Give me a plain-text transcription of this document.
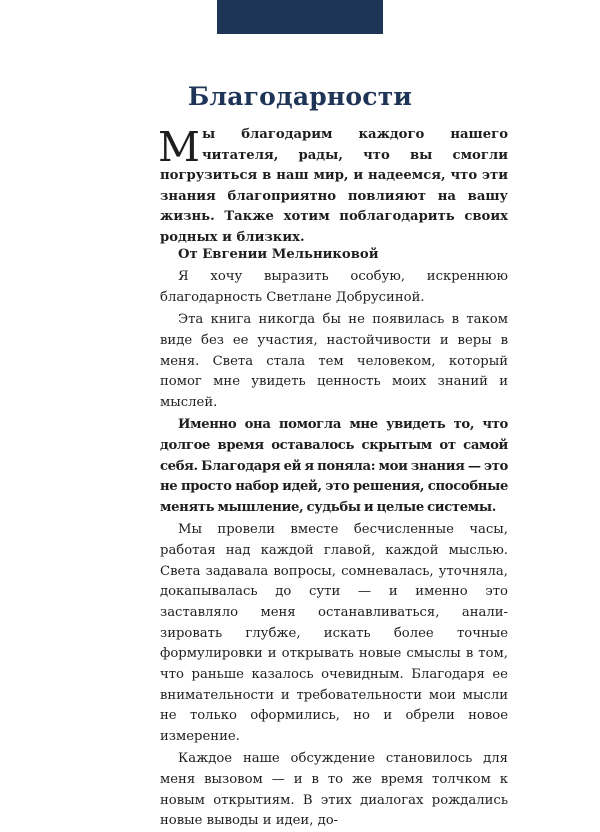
Благодарности
Мы благодарим каждого нашего читателя, рады, что вы смогли погрузиться в наш мир, и надеемся, что эти знания благоприятно повлияют на вашу жизнь. Также хотим поблагодарить своих родных и близких.

От Евгении Мельниковой

Я хочу выразить особую, искреннюю благодарность Светлане Добрусиной.

Эта книга никогда бы не появилась в таком виде без ее участия, настойчивости и веры в меня. Света стала тем человеком, который помог мне увидеть ценность моих знаний и мыслей.

Именно она помогла мне увидеть то, что долгое время оставалось скрытым от самой себя. Благодаря ей я поняла: мои знания — это не просто набор идей, это решения, способные менять мышление, судьбы и целые системы.

Мы провели вместе бесчисленные часы, работая над каждой главой, каждой мыслью. Света задавала вопросы, сомневалась, уточняла, докапывалась до сути — и именно это заставляло меня останавливаться, анализировать глубже, искать более точные формулировки и открывать новые смыслы в том, что раньше казалось очевидным. Благодаря ее внимательности и требовательности мои мысли не только оформились, но и обрели новое измерение.

Каждое наше обсуждение становилось для меня вызовом — и в то же время толчком к новым открытиям. В этих диалогах рождались новые выводы и идеи, до-
